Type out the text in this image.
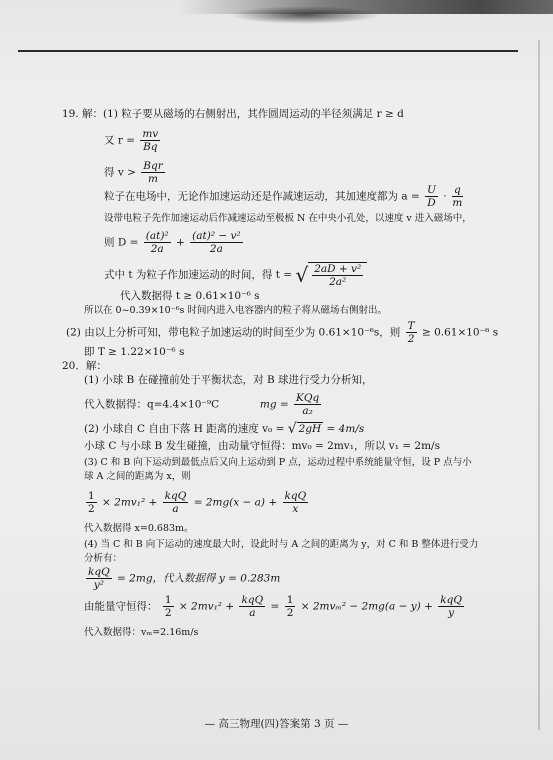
19. 解：(1) 粒子要从磁场的右侧射出，其作圆周运动的半径须满足 r ≥ d
又 $r = \frac{mv}{Bq}$
得 v >
Bqr
m
粒子在电场中，无论作加速运动还是作减速运动，其加速度都为 $a = \frac{U}{D} \cdot \frac{q}{m}$
设带电粒子先作加速运动后作减速运动至极板 N 在中央小孔处，以速度 v 进入磁场中，
则 $D = \frac{\text{(at)²}}{2a} + \frac{\text{(at)² − v²}}{2a}$
式中 t 为粒子作加速运动的时间，得 t = √ $\frac{\text{2aD + v²}}{\text{2a²}}$
代入数据得 t ≥ 0.61×10⁻⁶ s
所以在 0~0.39×10⁻⁶s 时间内进入电容器内的粒子将从磁场右侧射出。
(2) 由以上分析可知，带电粒子加速运动的时间至少为 0.61×10⁻⁶s，则 $\frac{T}{2} \ge 0.61\times 10^{-6}$ s
即 T ≥ 1.22×10⁻⁶ s
20．解：
(1) 小球 B 在碰撞前处于平衡状态，对 B 球进行受力分析知，
代入数据得：q=4.4×10⁻⁹C	mg =
KQq
a₂
(2) 小球自 C 自由下落 H 距离的速度 v₀ = √ 2gH = 4m/s
小球 C 与小球 B 发生碰撞，由动量守恒得：mv₀ = 2mv₁，所以 v₁ = 2m/s
(3) C 和 B 向下运动到最低点后又向上运动到 P 点，运动过程中系统能量守恒，设 P 点与小
球 A 之间的距离为 x，则
$\frac{1}{2} \times 2mv_1^2$ +
kqQ
a
= 2mg(x − a) +
kqQ
x
代入数据得 x=0.683m。
(4) 当 C 和 B 向下运动的速度最大时，设此时与 A 之间的距离为 y，对 C 和 B 整体进行受力
分析有：
kqQ
y²
= 2mg，代入数据得 y = 0.283m
由能量守恒得： $\frac{1}{2} \times 2mv_1^2$ +
kqQ
a
= $\frac{1}{2} \times 2mv_m^2 - 2mg(a - y)$ +
kqQ
y
代入数据得：vₘ=2.16m/s
— 高三物理(四)答案第 3 页 —
